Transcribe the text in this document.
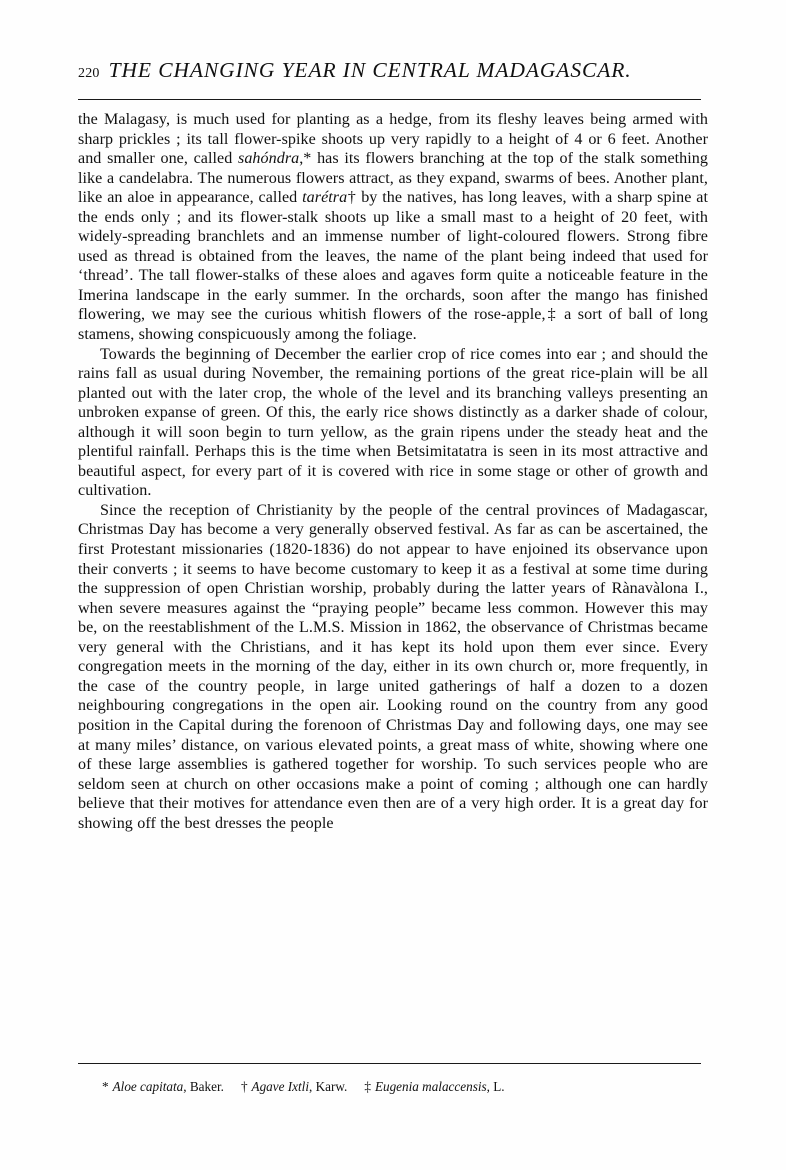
220 THE CHANGING YEAR IN CENTRAL MADAGASCAR.

the Malagasy, is much used for planting as a hedge, from its fleshy leaves being armed with sharp prickles ; its tall flower-spike shoots up very rapidly to a height of 4 or 6 feet. Another and smaller one, called sahóndra,* has its flowers branching at the top of the stalk something like a candelabra. The numerous flowers attract, as they expand, swarms of bees. Another plant, like an aloe in appearance, called tarétra† by the natives, has long leaves, with a sharp spine at the ends only ; and its flower-stalk shoots up like a small mast to a height of 20 feet, with widely-spreading branchlets and an immense number of light-coloured flowers. Strong fibre used as thread is obtained from the leaves, the name of the plant being indeed that used for ‘thread’. The tall flower-stalks of these aloes and agaves form quite a noticeable feature in the Imerina landscape in the early summer. In the orchards, soon after the mango has finished flowering, we may see the curious whitish flowers of the rose-apple,‡ a sort of ball of long stamens, showing conspicuously among the foliage.

Towards the beginning of December the earlier crop of rice comes into ear ; and should the rains fall as usual during November, the remaining portions of the great rice-plain will be all planted out with the later crop, the whole of the level and its branching valleys presenting an unbroken expanse of green. Of this, the early rice shows distinctly as a darker shade of colour, although it will soon begin to turn yellow, as the grain ripens under the steady heat and the plentiful rainfall. Perhaps this is the time when Betsimitatatra is seen in its most attractive and beautiful aspect, for every part of it is covered with rice in some stage or other of growth and cultivation.

Since the reception of Christianity by the people of the central provinces of Madagascar, Christmas Day has become a very generally observed festival. As far as can be ascertained, the first Protestant missionaries (1820-1836) do not appear to have enjoined its observance upon their converts ; it seems to have become customary to keep it as a festival at some time during the suppression of open Christian worship, probably during the latter years of Rànavàlona I., when severe measures against the “praying people” became less common. However this may be, on the reestablishment of the L.M.S. Mission in 1862, the observance of Christmas became very general with the Christians, and it has kept its hold upon them ever since. Every congregation meets in the morning of the day, either in its own church or, more frequently, in the case of the country people, in large united gatherings of half a dozen to a dozen neighbouring congregations in the open air. Looking round on the country from any good position in the Capital during the forenoon of Christmas Day and following days, one may see at many miles’ distance, on various elevated points, a great mass of white, showing where one of these large assemblies is gathered together for worship. To such services people who are seldom seen at church on other occasions make a point of coming ; although one can hardly believe that their motives for attendance even then are of a very high order. It is a great day for showing off the best dresses the people

* Aloe capitata, Baker. † Agave Ixtli, Karw. ‡ Eugenia malaccensis, L.
